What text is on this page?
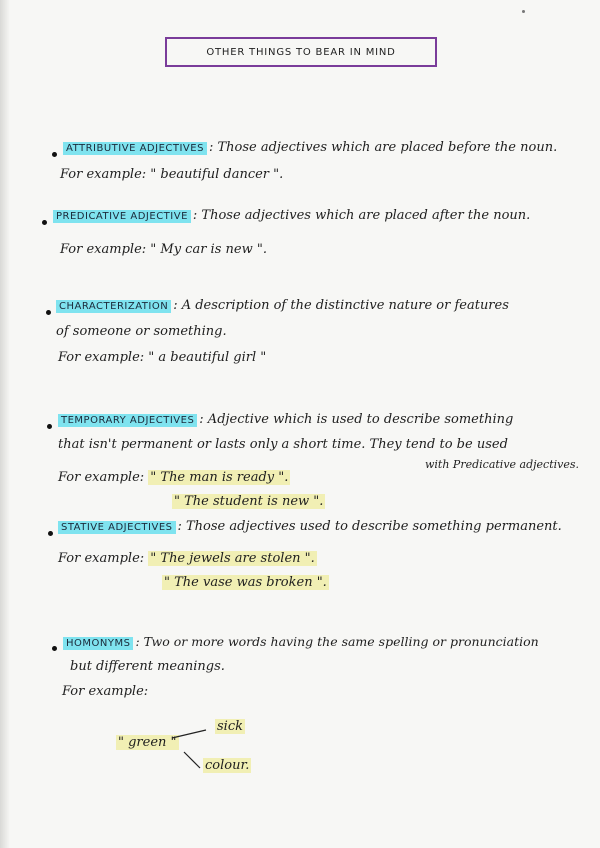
OTHER THINGS TO BEAR IN MIND
ATTRIBUTIVE ADJECTIVES : Those adjectives which are placed before the noun.
For example: " beautiful dancer ".
PREDICATIVE ADJECTIVE : Those adjectives which are placed after the noun.
For example: " My car is new ".
CHARACTERIZATION : A description of the distinctive nature or features
of someone or something.
For example: " a beautiful girl "
TEMPORARY ADJECTIVES : Adjective which is used to describe something
that isn't permanent or lasts only a short time. They tend to be used
with Predicative adjectives.
For example: " The man is ready ".
" The student is new ".
STATIVE ADJECTIVES : Those adjectives used to describe something permanent.
For example: " The jewels are stolen ".
" The vase was broken ".
HOMONYMS : Two or more words having the same spelling or pronunciation
but different meanings.
For example:
" green "
sick
colour.
